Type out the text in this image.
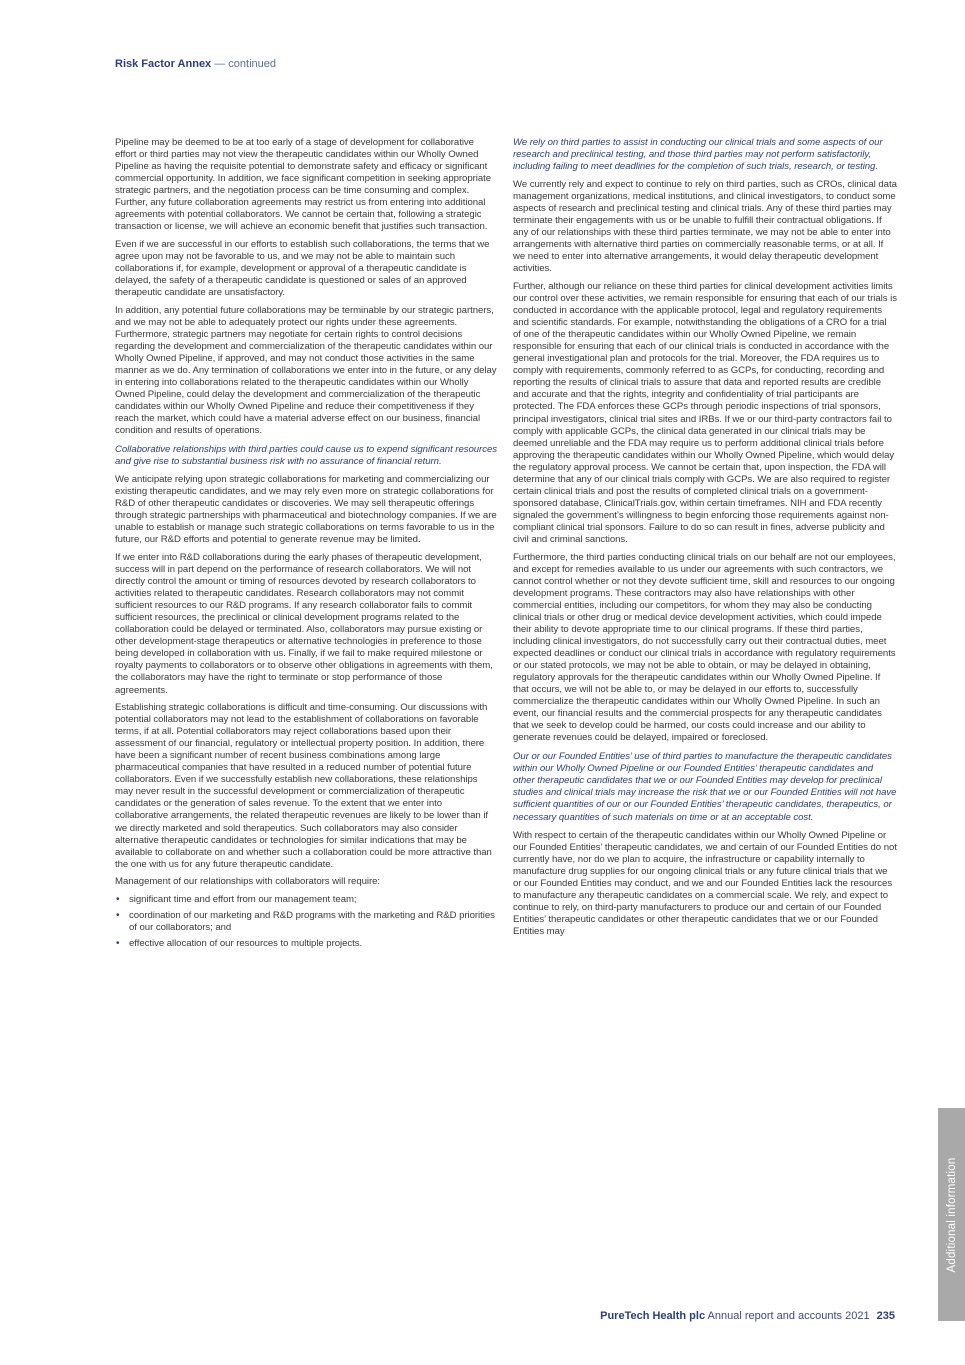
Risk Factor Annex — continued

Pipeline may be deemed to be at too early of a stage of development for collaborative effort or third parties may not view the therapeutic candidates within our Wholly Owned Pipeline as having the requisite potential to demonstrate safety and efficacy or significant commercial opportunity. In addition, we face significant competition in seeking appropriate strategic partners, and the negotiation process can be time consuming and complex. Further, any future collaboration agreements may restrict us from entering into additional agreements with potential collaborators. We cannot be certain that, following a strategic transaction or license, we will achieve an economic benefit that justifies such transaction.

Even if we are successful in our efforts to establish such collaborations, the terms that we agree upon may not be favorable to us, and we may not be able to maintain such collaborations if, for example, development or approval of a therapeutic candidate is delayed, the safety of a therapeutic candidate is questioned or sales of an approved therapeutic candidate are unsatisfactory.

In addition, any potential future collaborations may be terminable by our strategic partners, and we may not be able to adequately protect our rights under these agreements. Furthermore, strategic partners may negotiate for certain rights to control decisions regarding the development and commercialization of the therapeutic candidates within our Wholly Owned Pipeline, if approved, and may not conduct those activities in the same manner as we do. Any termination of collaborations we enter into in the future, or any delay in entering into collaborations related to the therapeutic candidates within our Wholly Owned Pipeline, could delay the development and commercialization of the therapeutic candidates within our Wholly Owned Pipeline and reduce their competitiveness if they reach the market, which could have a material adverse effect on our business, financial condition and results of operations.

Collaborative relationships with third parties could cause us to expend significant resources and give rise to substantial business risk with no assurance of financial return.

We anticipate relying upon strategic collaborations for marketing and commercializing our existing therapeutic candidates, and we may rely even more on strategic collaborations for R&D of other therapeutic candidates or discoveries. We may sell therapeutic offerings through strategic partnerships with pharmaceutical and biotechnology companies. If we are unable to establish or manage such strategic collaborations on terms favorable to us in the future, our R&D efforts and potential to generate revenue may be limited.

If we enter into R&D collaborations during the early phases of therapeutic development, success will in part depend on the performance of research collaborators. We will not directly control the amount or timing of resources devoted by research collaborators to activities related to therapeutic candidates. Research collaborators may not commit sufficient resources to our R&D programs. If any research collaborator fails to commit sufficient resources, the preclinical or clinical development programs related to the collaboration could be delayed or terminated. Also, collaborators may pursue existing or other development-stage therapeutics or alternative technologies in preference to those being developed in collaboration with us. Finally, if we fail to make required milestone or royalty payments to collaborators or to observe other obligations in agreements with them, the collaborators may have the right to terminate or stop performance of those agreements.

Establishing strategic collaborations is difficult and time-consuming. Our discussions with potential collaborators may not lead to the establishment of collaborations on favorable terms, if at all. Potential collaborators may reject collaborations based upon their assessment of our financial, regulatory or intellectual property position. In addition, there have been a significant number of recent business combinations among large pharmaceutical companies that have resulted in a reduced number of potential future collaborators. Even if we successfully establish new collaborations, these relationships may never result in the successful development or commercialization of therapeutic candidates or the generation of sales revenue. To the extent that we enter into collaborative arrangements, the related therapeutic revenues are likely to be lower than if we directly marketed and sold therapeutics. Such collaborators may also consider alternative therapeutic candidates or technologies for similar indications that may be available to collaborate on and whether such a collaboration could be more attractive than the one with us for any future therapeutic candidate.

Management of our relationships with collaborators will require:

• significant time and effort from our management team;
• coordination of our marketing and R&D programs with the marketing and R&D priorities of our collaborators; and
• effective allocation of our resources to multiple projects.

We rely on third parties to assist in conducting our clinical trials and some aspects of our research and preclinical testing, and those third parties may not perform satisfactorily, including failing to meet deadlines for the completion of such trials, research, or testing.

We currently rely and expect to continue to rely on third parties, such as CROs, clinical data management organizations, medical institutions, and clinical investigators, to conduct some aspects of research and preclinical testing and clinical trials. Any of these third parties may terminate their engagements with us or be unable to fulfill their contractual obligations. If any of our relationships with these third parties terminate, we may not be able to enter into arrangements with alternative third parties on commercially reasonable terms, or at all. If we need to enter into alternative arrangements, it would delay therapeutic development activities.

Further, although our reliance on these third parties for clinical development activities limits our control over these activities, we remain responsible for ensuring that each of our trials is conducted in accordance with the applicable protocol, legal and regulatory requirements and scientific standards. For example, notwithstanding the obligations of a CRO for a trial of one of the therapeutic candidates within our Wholly Owned Pipeline, we remain responsible for ensuring that each of our clinical trials is conducted in accordance with the general investigational plan and protocols for the trial. Moreover, the FDA requires us to comply with requirements, commonly referred to as GCPs, for conducting, recording and reporting the results of clinical trials to assure that data and reported results are credible and accurate and that the rights, integrity and confidentiality of trial participants are protected. The FDA enforces these GCPs through periodic inspections of trial sponsors, principal investigators, clinical trial sites and IRBs. If we or our third-party contractors fail to comply with applicable GCPs, the clinical data generated in our clinical trials may be deemed unreliable and the FDA may require us to perform additional clinical trials before approving the therapeutic candidates within our Wholly Owned Pipeline, which would delay the regulatory approval process. We cannot be certain that, upon inspection, the FDA will determine that any of our clinical trials comply with GCPs. We are also required to register certain clinical trials and post the results of completed clinical trials on a government-sponsored database, ClinicalTrials.gov, within certain timeframes. NIH and FDA recently signaled the government’s willingness to begin enforcing those requirements against non-compliant clinical trial sponsors. Failure to do so can result in fines, adverse publicity and civil and criminal sanctions.

Furthermore, the third parties conducting clinical trials on our behalf are not our employees, and except for remedies available to us under our agreements with such contractors, we cannot control whether or not they devote sufficient time, skill and resources to our ongoing development programs. These contractors may also have relationships with other commercial entities, including our competitors, for whom they may also be conducting clinical trials or other drug or medical device development activities, which could impede their ability to devote appropriate time to our clinical programs. If these third parties, including clinical investigators, do not successfully carry out their contractual duties, meet expected deadlines or conduct our clinical trials in accordance with regulatory requirements or our stated protocols, we may not be able to obtain, or may be delayed in obtaining, regulatory approvals for the therapeutic candidates within our Wholly Owned Pipeline. If that occurs, we will not be able to, or may be delayed in our efforts to, successfully commercialize the therapeutic candidates within our Wholly Owned Pipeline. In such an event, our financial results and the commercial prospects for any therapeutic candidates that we seek to develop could be harmed, our costs could increase and our ability to generate revenues could be delayed, impaired or foreclosed.

Our or our Founded Entities’ use of third parties to manufacture the therapeutic candidates within our Wholly Owned Pipeline or our Founded Entities’ therapeutic candidates and other therapeutic candidates that we or our Founded Entities may develop for preclinical studies and clinical trials may increase the risk that we or our Founded Entities will not have sufficient quantities of our or our Founded Entities’ therapeutic candidates, therapeutics, or necessary quantities of such materials on time or at an acceptable cost.

With respect to certain of the therapeutic candidates within our Wholly Owned Pipeline or our Founded Entities’ therapeutic candidates, we and certain of our Founded Entities do not currently have, nor do we plan to acquire, the infrastructure or capability internally to manufacture drug supplies for our ongoing clinical trials or any future clinical trials that we or our Founded Entities may conduct, and we and our Founded Entities lack the resources to manufacture any therapeutic candidates on a commercial scale. We rely, and expect to continue to rely, on third-party manufacturers to produce our and certain of our Founded Entities’ therapeutic candidates or other therapeutic candidates that we or our Founded Entities may

Additional information
PureTech Health plc Annual report and accounts 2021 235
